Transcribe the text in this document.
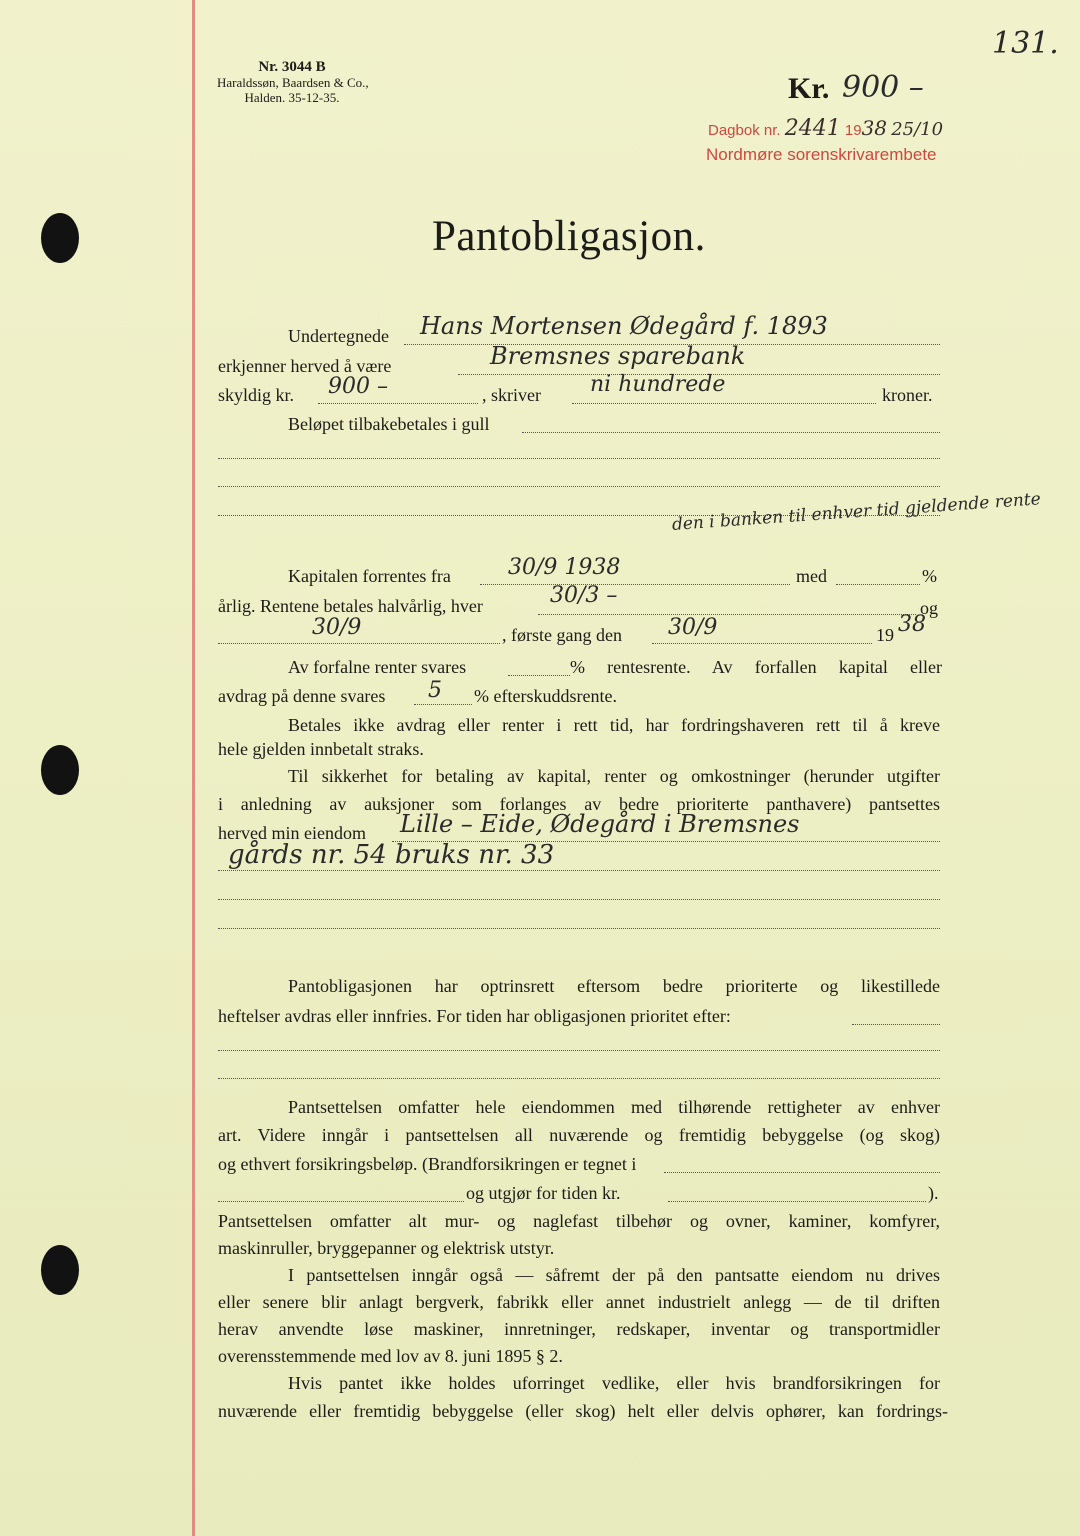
131.
Nr. 3044 B
Haraldssøn, Baardsen & Co.,
Halden. 35-12-35.	Kr. 900 –
Dagbok nr. 2441 1938 25/10
Nordmøre sorenskrivarembete
Pantobligasjon.
Undertegnede Hans Mortensen Ødegård f. 1893
erkjenner herved å være	Bremsnes sparebank
skyldig kr. 900 –	, skriver ni hundrede	kroner.
Beløpet tilbakebetales i gull
den i banken til enhver tid gjeldende rente
Kapitalen forrentes fra	30/9 1938	med	%
årlig. Rentene betales halvårlig, hver	30/3 –	og
30/9	, første gang den 30/9	19 38
Av forfalne renter svares	% rentesrente. Av forfallen kapital eller
avdrag på denne svares 5 % efterskuddsrente.
Betales ikke avdrag eller renter i rett tid, har fordringshaveren rett til å kreve
hele gjelden innbetalt straks.
Til sikkerhet for betaling av kapital, renter og omkostninger (herunder utgifter
i anledning av auksjoner som forlanges av bedre prioriterte panthavere) pantsettes
herved min eiendom Lille – Eide, Ødegård i Bremsnes
gårds nr. 54 bruks nr. 33
Pantobligasjonen har optrinsrett eftersom bedre prioriterte og likestillede
heftelser avdras eller innfries. For tiden har obligasjonen prioritet efter:
Pantsettelsen omfatter hele eiendommen med tilhørende rettigheter av enhver
art. Videre inngår i pantsettelsen all nuværende og fremtidig bebyggelse (og skog)
og ethvert forsikringsbeløp. (Brandforsikringen er tegnet i
og utgjør for tiden kr.	).
Pantsettelsen omfatter alt mur- og naglefast tilbehør og ovner, kaminer, komfyrer,
maskinruller, bryggepanner og elektrisk utstyr.
I pantsettelsen inngår også — såfremt der på den pantsatte eiendom nu drives
eller senere blir anlagt bergverk, fabrikk eller annet industrielt anlegg — de til driften
herav anvendte løse maskiner, innretninger, redskaper, inventar og transportmidler
overensstemmende med lov av 8. juni 1895 § 2.
Hvis pantet ikke holdes uforringet vedlike, eller hvis brandforsikringen for
nuværende eller fremtidig bebyggelse (eller skog) helt eller delvis ophører, kan fordrings-
